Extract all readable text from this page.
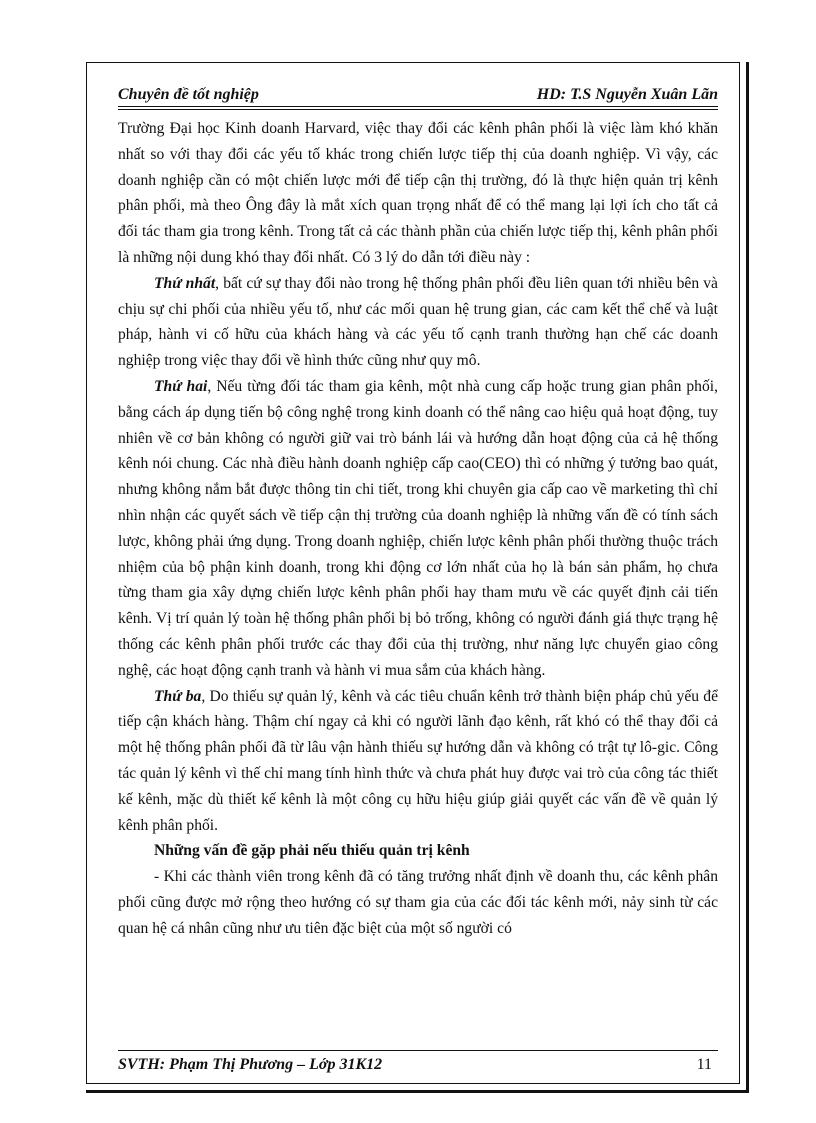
Chuyên đề tốt nghiệp	HD: T.S Nguyễn Xuân Lãn

Trường Đại học Kinh doanh Harvard, việc thay đổi các kênh phân phối là việc làm khó khăn nhất so với thay đổi các yếu tố khác trong chiến lược tiếp thị của doanh nghiệp. Vì vậy, các doanh nghiệp cần có một chiến lược mới để tiếp cận thị trường, đó là thực hiện quản trị kênh phân phối, mà theo Ông đây là mắt xích quan trọng nhất để có thể mang lại lợi ích cho tất cả đối tác tham gia trong kênh. Trong tất cả các thành phần của chiến lược tiếp thị, kênh phân phối là những nội dung khó thay đổi nhất. Có 3 lý do dẫn tới điều này :

Thứ nhất, bất cứ sự thay đổi nào trong hệ thống phân phối đều liên quan tới nhiều bên và chịu sự chi phối của nhiều yếu tố, như các mối quan hệ trung gian, các cam kết thể chế và luật pháp, hành vi cố hữu của khách hàng và các yếu tố cạnh tranh thường hạn chế các doanh nghiệp trong việc thay đổi về hình thức cũng như quy mô.

Thứ hai, Nếu từng đối tác tham gia kênh, một nhà cung cấp hoặc trung gian phân phối, bằng cách áp dụng tiến bộ công nghệ trong kinh doanh có thể nâng cao hiệu quả hoạt động, tuy nhiên về cơ bản không có người giữ vai trò bánh lái và hướng dẫn hoạt động của cả hệ thống kênh nói chung. Các nhà điều hành doanh nghiệp cấp cao(CEO) thì có những ý tưởng bao quát, nhưng không nắm bắt được thông tin chi tiết, trong khi chuyên gia cấp cao về marketing thì chỉ nhìn nhận các quyết sách về tiếp cận thị trường của doanh nghiệp là những vấn đề có tính sách lược, không phải ứng dụng. Trong doanh nghiệp, chiến lược kênh phân phối thường thuộc trách nhiệm của bộ phận kinh doanh, trong khi động cơ lớn nhất của họ là bán sản phẩm, họ chưa từng tham gia xây dựng chiến lược kênh phân phối hay tham mưu về các quyết định cải tiến kênh. Vị trí quản lý toàn hệ thống phân phối bị bỏ trống, không có người đánh giá thực trạng hệ thống các kênh phân phối trước các thay đổi của thị trường, như năng lực chuyển giao công nghệ, các hoạt động cạnh tranh và hành vi mua sắm của khách hàng.

Thứ ba, Do thiếu sự quản lý, kênh và các tiêu chuẩn kênh trở thành biện pháp chủ yếu để tiếp cận khách hàng. Thậm chí ngay cả khi có người lãnh đạo kênh, rất khó có thể thay đổi cả một hệ thống phân phối đã từ lâu vận hành thiếu sự hướng dẫn và không có trật tự lô-gic. Công tác quản lý kênh vì thế chỉ mang tính hình thức và chưa phát huy được vai trò của công tác thiết kế kênh, mặc dù thiết kế kênh là một công cụ hữu hiệu giúp giải quyết các vấn đề về quản lý kênh phân phối.

Những vấn đề gặp phải nếu thiếu quản trị kênh

- Khi các thành viên trong kênh đã có tăng trưởng nhất định về doanh thu, các kênh phân phối cũng được mở rộng theo hướng có sự tham gia của các đối tác kênh mới, nảy sinh từ các quan hệ cá nhân cũng như ưu tiên đặc biệt của một số người có

SVTH: Phạm Thị Phương – Lớp 31K12	11
